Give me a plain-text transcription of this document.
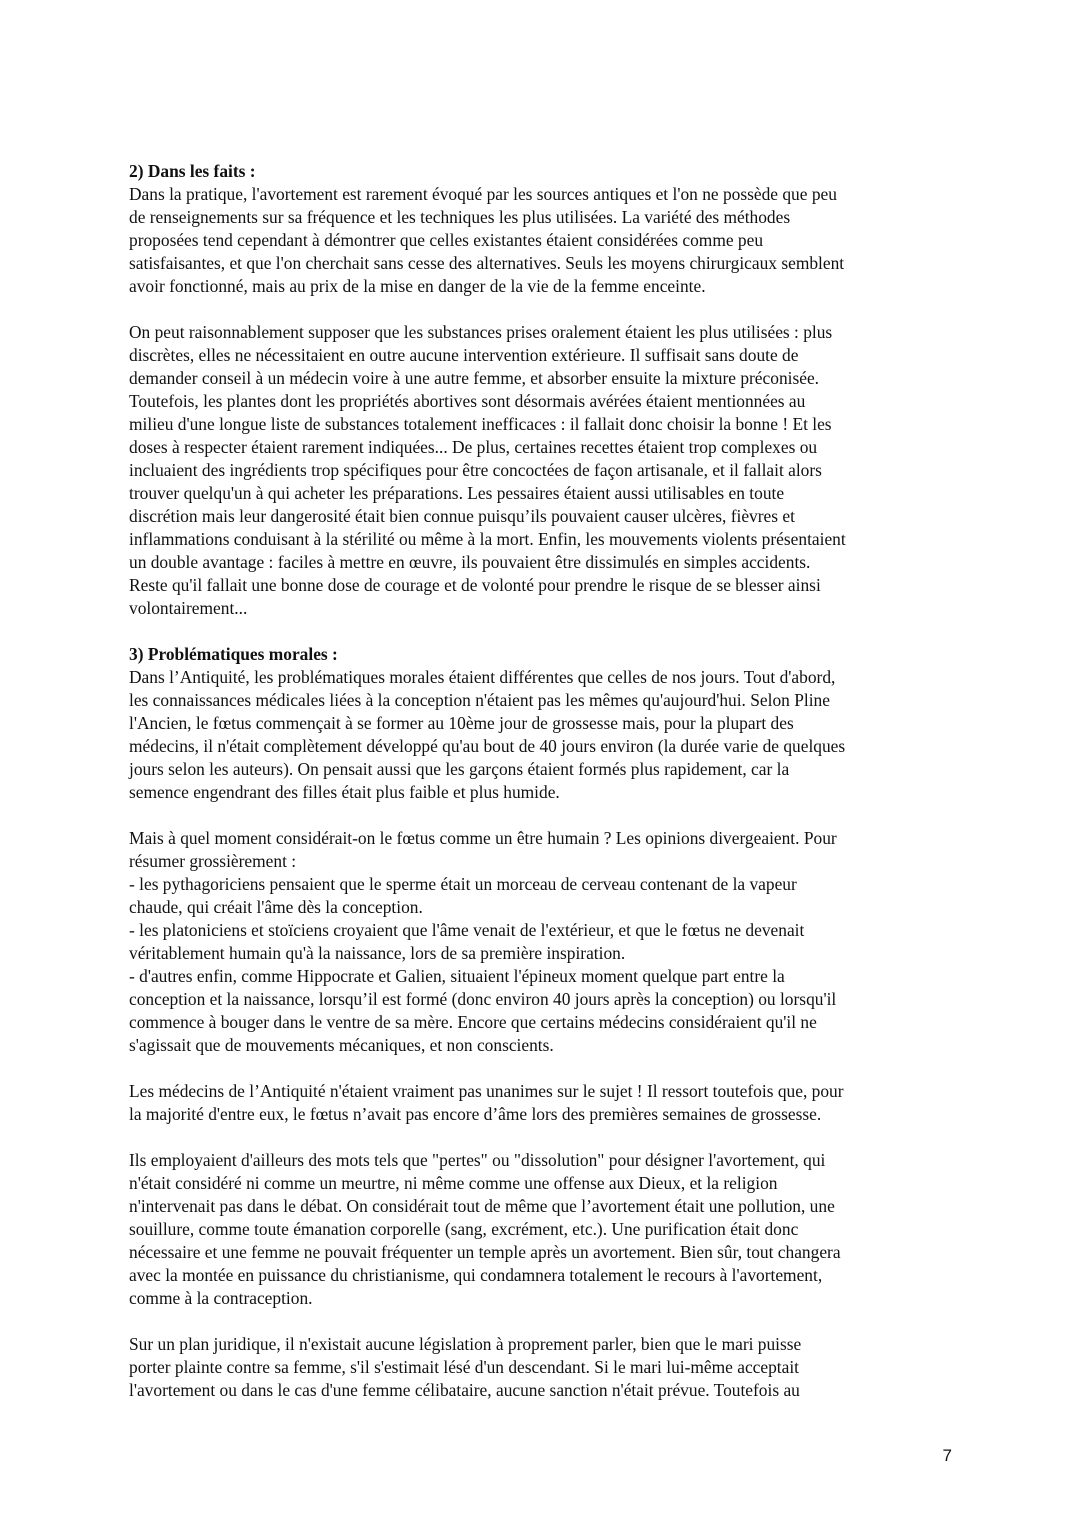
2) Dans les faits :

Dans la pratique, l'avortement est rarement évoqué par les sources antiques et l'on ne possède que peu
de renseignements sur sa fréquence et les techniques les plus utilisées. La variété des méthodes
proposées tend cependant à démontrer que celles existantes étaient considérées comme peu
satisfaisantes, et que l'on cherchait sans cesse des alternatives. Seuls les moyens chirurgicaux semblent
avoir fonctionné, mais au prix de la mise en danger de la vie de la femme enceinte.

On peut raisonnablement supposer que les substances prises oralement étaient les plus utilisées : plus
discrètes, elles ne nécessitaient en outre aucune intervention extérieure. Il suffisait sans doute de
demander conseil à un médecin voire à une autre femme, et absorber ensuite la mixture préconisée.
Toutefois, les plantes dont les propriétés abortives sont désormais avérées étaient mentionnées au
milieu d'une longue liste de substances totalement inefficaces : il fallait donc choisir la bonne ! Et les
doses à respecter étaient rarement indiquées... De plus, certaines recettes étaient trop complexes ou
incluaient des ingrédients trop spécifiques pour être concoctées de façon artisanale, et il fallait alors
trouver quelqu'un à qui acheter les préparations. Les pessaires étaient aussi utilisables en toute
discrétion mais leur dangerosité était bien connue puisqu’ils pouvaient causer ulcères, fièvres et
inflammations conduisant à la stérilité ou même à la mort. Enfin, les mouvements violents présentaient
un double avantage : faciles à mettre en œuvre, ils pouvaient être dissimulés en simples accidents.
Reste qu'il fallait une bonne dose de courage et de volonté pour prendre le risque de se blesser ainsi
volontairement...

3) Problématiques morales :

Dans l’Antiquité, les problématiques morales étaient différentes que celles de nos jours. Tout d'abord,
les connaissances médicales liées à la conception n'étaient pas les mêmes qu'aujourd'hui. Selon Pline
l'Ancien, le fœtus commençait à se former au 10ème jour de grossesse mais, pour la plupart des
médecins, il n'était complètement développé qu'au bout de 40 jours environ (la durée varie de quelques
jours selon les auteurs). On pensait aussi que les garçons étaient formés plus rapidement, car la
semence engendrant des filles était plus faible et plus humide.

Mais à quel moment considérait-on le fœtus comme un être humain ? Les opinions divergeaient. Pour
résumer grossièrement :

- les pythagoriciens pensaient que le sperme était un morceau de cerveau contenant de la vapeur
chaude, qui créait l'âme dès la conception.

- les platoniciens et stoïciens croyaient que l'âme venait de l'extérieur, et que le fœtus ne devenait
véritablement humain qu'à la naissance, lors de sa première inspiration.

- d'autres enfin, comme Hippocrate et Galien, situaient l'épineux moment quelque part entre la
conception et la naissance, lorsqu’il est formé (donc environ 40 jours après la conception) ou lorsqu'il
commence à bouger dans le ventre de sa mère. Encore que certains médecins considéraient qu'il ne
s'agissait que de mouvements mécaniques, et non conscients.

Les médecins de l’Antiquité n'étaient vraiment pas unanimes sur le sujet ! Il ressort toutefois que, pour
la majorité d'entre eux, le fœtus n’avait pas encore d’âme lors des premières semaines de grossesse.

Ils employaient d'ailleurs des mots tels que "pertes" ou "dissolution" pour désigner l'avortement, qui
n'était considéré ni comme un meurtre, ni même comme une offense aux Dieux, et la religion
n'intervenait pas dans le débat. On considérait tout de même que l’avortement était une pollution, une
souillure, comme toute émanation corporelle (sang, excrément, etc.). Une purification était donc
nécessaire et une femme ne pouvait fréquenter un temple après un avortement. Bien sûr, tout changera
avec la montée en puissance du christianisme, qui condamnera totalement le recours à l'avortement,
comme à la contraception.

Sur un plan juridique, il n'existait aucune législation à proprement parler, bien que le mari puisse
porter plainte contre sa femme, s'il s'estimait lésé d'un descendant. Si le mari lui-même acceptait
l'avortement ou dans le cas d'une femme célibataire, aucune sanction n'était prévue. Toutefois au

7
